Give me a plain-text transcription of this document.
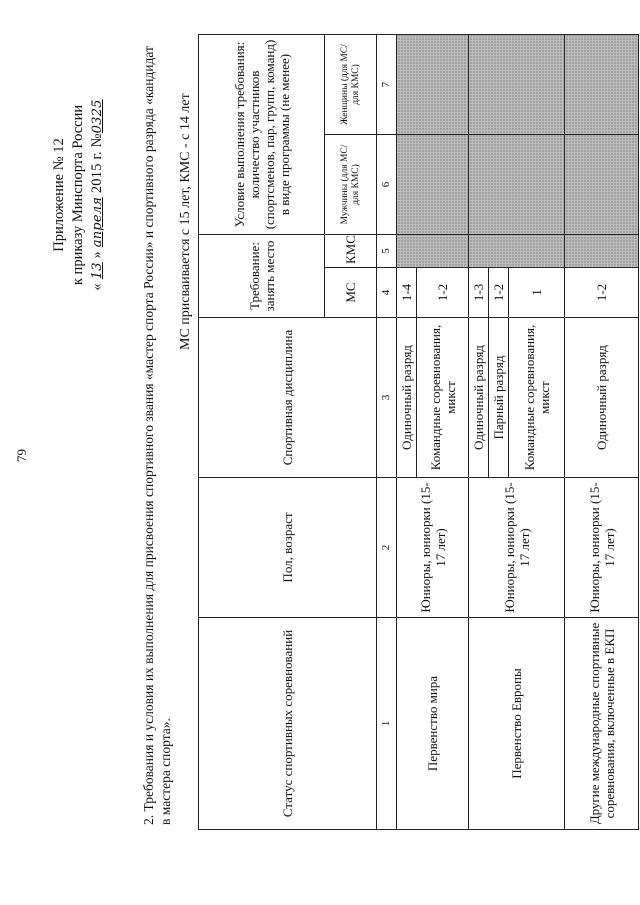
79
Приложение № 12 к приказу Минспорта России
« 13 » апреля 2015 г. №0325	2. Требования и условия их выполнения для присвоения спортивного звания «мастер спорта России» и спортивного разряда «кандидат в мастера спорта».
МС присваивается с 15 лет, КМС - с 14 лет
Статус спортивных соревнований	Пол, возраст	Спортивная дисциплина	Требование: занять место		Условие выполнения требования: количество участников (спортсменов, пар, групп, команд) в виде программы (не менее)	
			МС	КМС	Мужчины (для МС/для КМС)	Женщины (для МС/для КМС)
1	2	3	4	5	6	7
Первенство мира	Юниоры, юниорки (15-17 лет)	Одиночный разряд	1-4			
		Командные соревнования, микст	1-2			
Первенство Европы	Юниоры, юниорки (15-17 лет)	Одиночный разряд	1-3			
		Парный разряд	1-2			
		Командные соревнования, микст	1			
Другие международные спортивные соревнования, включенные в ЕКП	Юниоры, юниорки (15-17 лет)	Одиночный разряд	1-2			
